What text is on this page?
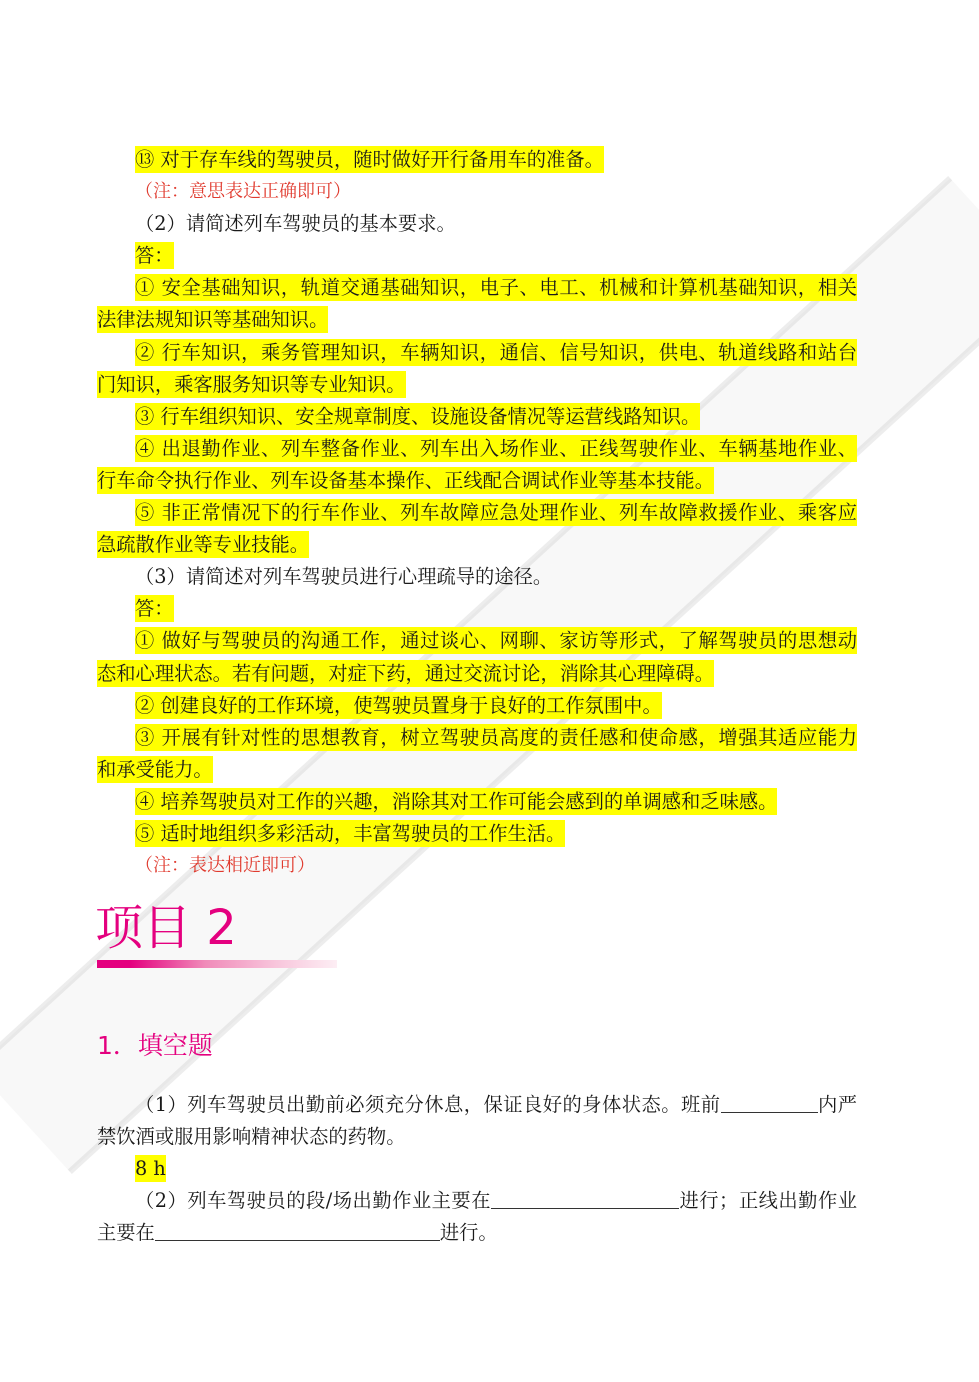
⑬ 对于存车线的驾驶员，随时做好开行备用车的准备。
（注：意思表达正确即可）
（2）请简述列车驾驶员的基本要求。
答：
① 安全基础知识，轨道交通基础知识，电子、电工、机械和计算机基础知识，相关
法律法规知识等基础知识。
② 行车知识，乘务管理知识，车辆知识，通信、信号知识，供电、轨道线路和站台
门知识，乘客服务知识等专业知识。
③ 行车组织知识、安全规章制度、设施设备情况等运营线路知识。
④ 出退勤作业、列车整备作业、列车出入场作业、正线驾驶作业、车辆基地作业、
行车命令执行作业、列车设备基本操作、正线配合调试作业等基本技能。
⑤ 非正常情况下的行车作业、列车故障应急处理作业、列车故障救援作业、乘客应
急疏散作业等专业技能。
（3）请简述对列车驾驶员进行心理疏导的途径。
答：
① 做好与驾驶员的沟通工作，通过谈心、网聊、家访等形式，了解驾驶员的思想动
态和心理状态。若有问题，对症下药，通过交流讨论，消除其心理障碍。
② 创建良好的工作环境，使驾驶员置身于良好的工作氛围中。
③ 开展有针对性的思想教育，树立驾驶员高度的责任感和使命感，增强其适应能力
和承受能力。
④ 培养驾驶员对工作的兴趣，消除其对工作可能会感到的单调感和乏味感。
⑤ 适时地组织多彩活动，丰富驾驶员的工作生活。
（注：表达相近即可）
项目 2
1．填空题
（1）列车驾驶员出勤前必须充分休息，保证良好的身体状态。班前	内严
禁饮酒或服用影响精神状态的药物。
8 h
（2）列车驾驶员的段/场出勤作业主要在	进行；正线出勤作业
主要在	进行。
